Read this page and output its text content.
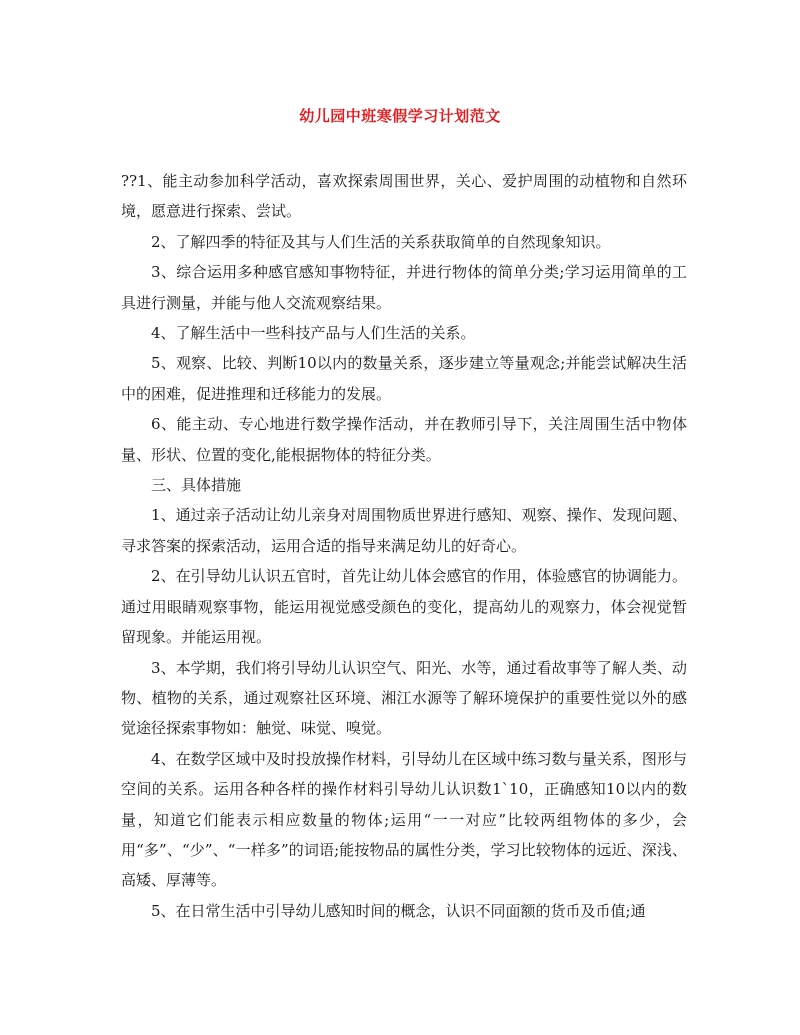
幼儿园中班寒假学习计划范文

??1、能主动参加科学活动，喜欢探索周围世界，关心、爱护周围的动植物和自然环境，愿意进行探索、尝试。

2、了解四季的特征及其与人们生活的关系获取简单的自然现象知识。

3、综合运用多种感官感知事物特征，并进行物体的简单分类;学习运用简单的工具进行测量，并能与他人交流观察结果。

4、了解生活中一些科技产品与人们生活的关系。

5、观察、比较、判断10以内的数量关系，逐步建立等量观念;并能尝试解决生活中的困难，促进推理和迁移能力的发展。

6、能主动、专心地进行数学操作活动，并在教师引导下，关注周围生活中物体量、形状、位置的变化,能根据物体的特征分类。

三、具体措施

1、通过亲子活动让幼儿亲身对周围物质世界进行感知、观察、操作、发现问题、寻求答案的探索活动，运用合适的指导来满足幼儿的好奇心。

2、在引导幼儿认识五官时，首先让幼儿体会感官的作用，体验感官的协调能力。通过用眼睛观察事物，能运用视觉感受颜色的变化，提高幼儿的观察力，体会视觉暂留现象。并能运用视。

3、本学期，我们将引导幼儿认识空气、阳光、水等，通过看故事等了解人类、动物、植物的关系，通过观察社区环境、湘江水源等了解环境保护的重要性觉以外的感觉途径探索事物如：触觉、味觉、嗅觉。

4、在数学区域中及时投放操作材料，引导幼儿在区域中练习数与量关系，图形与空间的关系。运用各种各样的操作材料引导幼儿认识数1`10，正确感知10以内的数量，知道它们能表示相应数量的物体;运用“一一对应”比较两组物体的多少，会用“多”、“少”、“一样多”的词语;能按物品的属性分类，学习比较物体的远近、深浅、高矮、厚薄等。

5、在日常生活中引导幼儿感知时间的概念，认识不同面额的货币及币值;通
